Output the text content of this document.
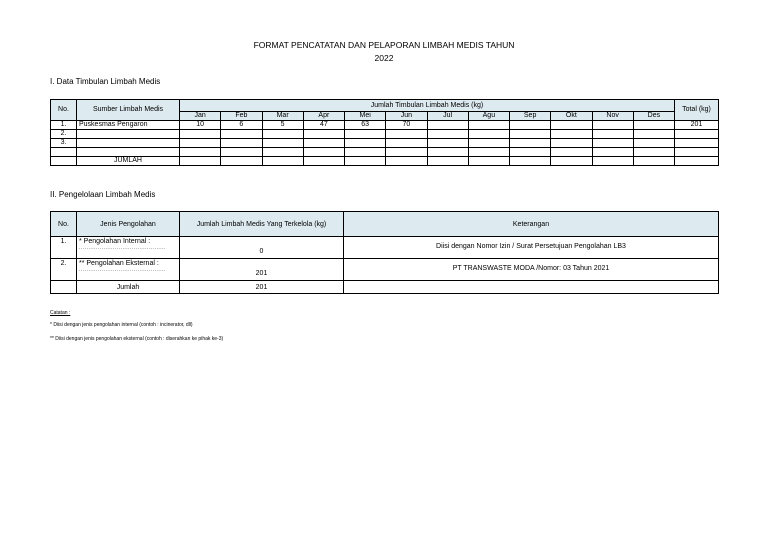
FORMAT PENCATATAN DAN PELAPORAN LIMBAH MEDIS TAHUN
2022
I. Data Timbulan Limbah Medis
No.	Sumber Limbah Medis	Jumlah Timbulan Limbah Medis (kg)												Total (kg)
		Jan	Feb	Mar	Apr	Mei	Jun	Jul	Agu	Sep	Okt	Nov	Des	
1.	Puskesmas Pengaron	10	6	5	47	63	70							201
2.														
3.														

	JUMLAH													
II. Pengelolaan Limbah Medis
No.	Jenis Pengolahan	Jumlah Limbah Medis Yang Terkelola (kg)	Keterangan
1.	* Pengolahan Internal :
..............................................	0	Diisi dengan Nomor Izin / Surat Persetujuan Pengolahan LB3

2.	** Pengolahan Eksternal :
..............................................	201	PT TRANSWASTE MODA /Nomor: 03 Tahun 2021

	Jumlah	201	
Catatan :
* Diisi dengan jenis pengolahan internal (contoh : incinerator, dll)
** Diisi dengan jenis pengolahan eksternal (contoh : diserahkan ke pihak ke-3)
